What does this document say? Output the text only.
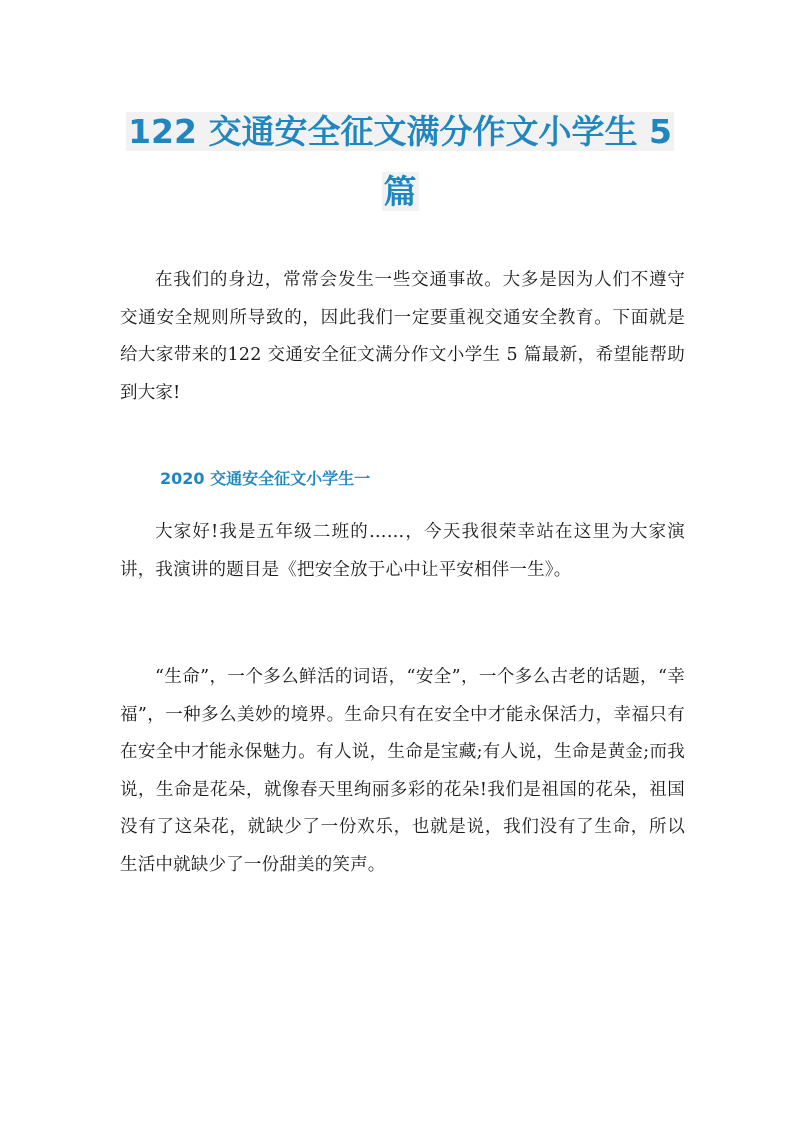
122 交通安全征文满分作文小学生 5
篇
在我们的身边，常常会发生一些交通事故。大多是因为人们不遵守交通安全规则所导致的，因此我们一定要重视交通安全教育。下面就是给大家带来的122 交通安全征文满分作文小学生 5 篇最新，希望能帮助到大家!
2020 交通安全征文小学生一
大家好!我是五年级二班的……，今天我很荣幸站在这里为大家演讲，我演讲的题目是《把安全放于心中让平安相伴一生》。
“生命”，一个多么鲜活的词语，“安全”，一个多么古老的话题，“幸福”，一种多么美妙的境界。生命只有在安全中才能永保活力，幸福只有在安全中才能永保魅力。有人说，生命是宝藏;有人说，生命是黄金;而我说，生命是花朵，就像春天里绚丽多彩的花朵!我们是祖国的花朵，祖国没有了这朵花，就缺少了一份欢乐，也就是说，我们没有了生命，所以生活中就缺少了一份甜美的笑声。
